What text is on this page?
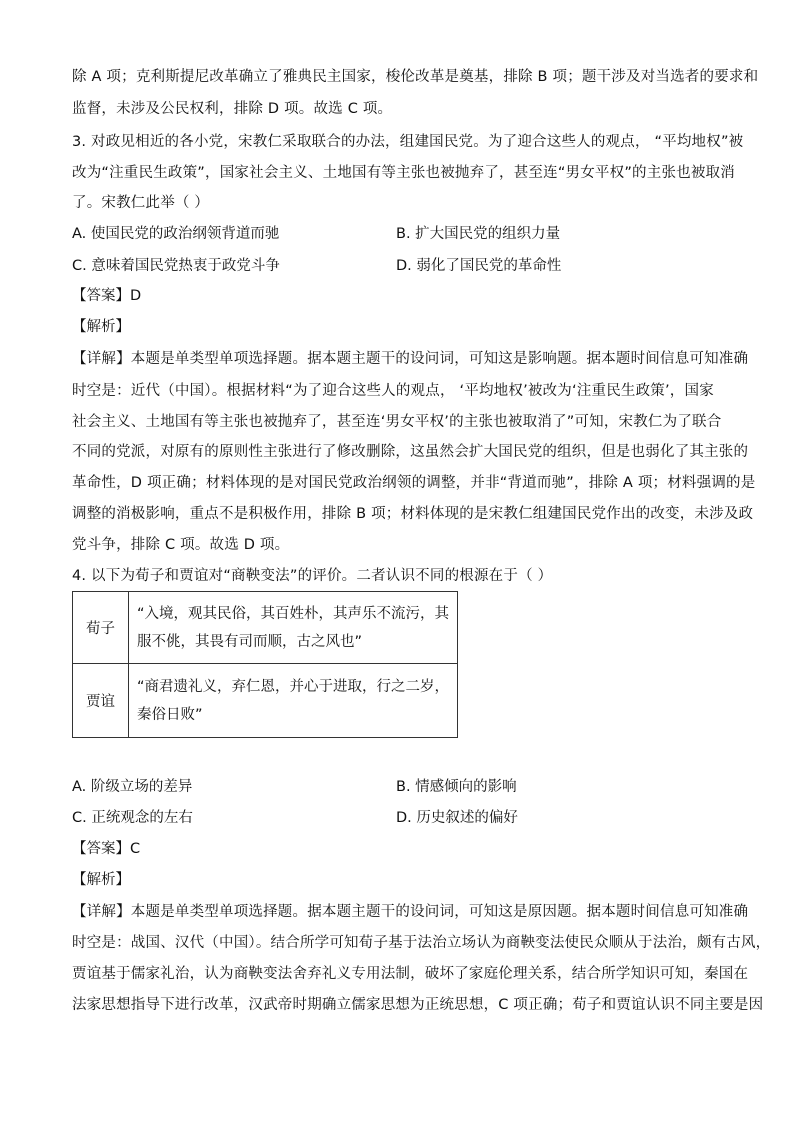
除 A 项；克利斯提尼改革确立了雅典民主国家，梭伦改革是奠基，排除 B 项；题干涉及对当选者的要求和
监督，未涉及公民权利，排除 D 项。故选 C 项。
3. 对政见相近的各小党，宋教仁采取联合的办法，组建国民党。为了迎合这些人的观点， “平均地权”被
改为“注重民生政策”，国家社会主义、土地国有等主张也被抛弃了，甚至连“男女平权”的主张也被取消
了。宋教仁此举（ ）
A. 使国民党的政治纲领背道而驰	B. 扩大国民党的组织力量
C. 意味着国民党热衷于政党斗争	D. 弱化了国民党的革命性
【答案】D
【解析】
【详解】本题是单类型单项选择题。据本题主题干的设问词，可知这是影响题。据本题时间信息可知准确
时空是：近代（中国）。根据材料“为了迎合这些人的观点， ‘平均地权’被改为‘注重民生政策’，国家
社会主义、土地国有等主张也被抛弃了，甚至连‘男女平权’的主张也被取消了”可知，宋教仁为了联合
不同的党派，对原有的原则性主张进行了修改删除，这虽然会扩大国民党的组织，但是也弱化了其主张的
革命性，D 项正确；材料体现的是对国民党政治纲领的调整，并非“背道而驰”，排除 A 项；材料强调的是
调整的消极影响，重点不是积极作用，排除 B 项；材料体现的是宋教仁组建国民党作出的改变，未涉及政
党斗争，排除 C 项。故选 D 项。
4. 以下为荀子和贾谊对“商鞅变法”的评价。二者认识不同的根源在于（ ）
荀子	“入境，观其民俗，其百姓朴，其声乐不流污，其
服不佻，其畏有司而顺，古之风也”

贾谊	“商君遗礼义，弃仁恩，并心于进取，行之二岁，
秦俗日败”
A. 阶级立场的差异	B. 情感倾向的影响
C. 正统观念的左右	D. 历史叙述的偏好
【答案】C
【解析】
【详解】本题是单类型单项选择题。据本题主题干的设问词，可知这是原因题。据本题时间信息可知准确
时空是：战国、汉代（中国）。结合所学可知荀子基于法治立场认为商鞅变法使民众顺从于法治，颇有古风，
贾谊基于儒家礼治，认为商鞅变法舍弃礼义专用法制，破坏了家庭伦理关系，结合所学知识可知，秦国在
法家思想指导下进行改革，汉武帝时期确立儒家思想为正统思想，C 项正确；荀子和贾谊认识不同主要是因
